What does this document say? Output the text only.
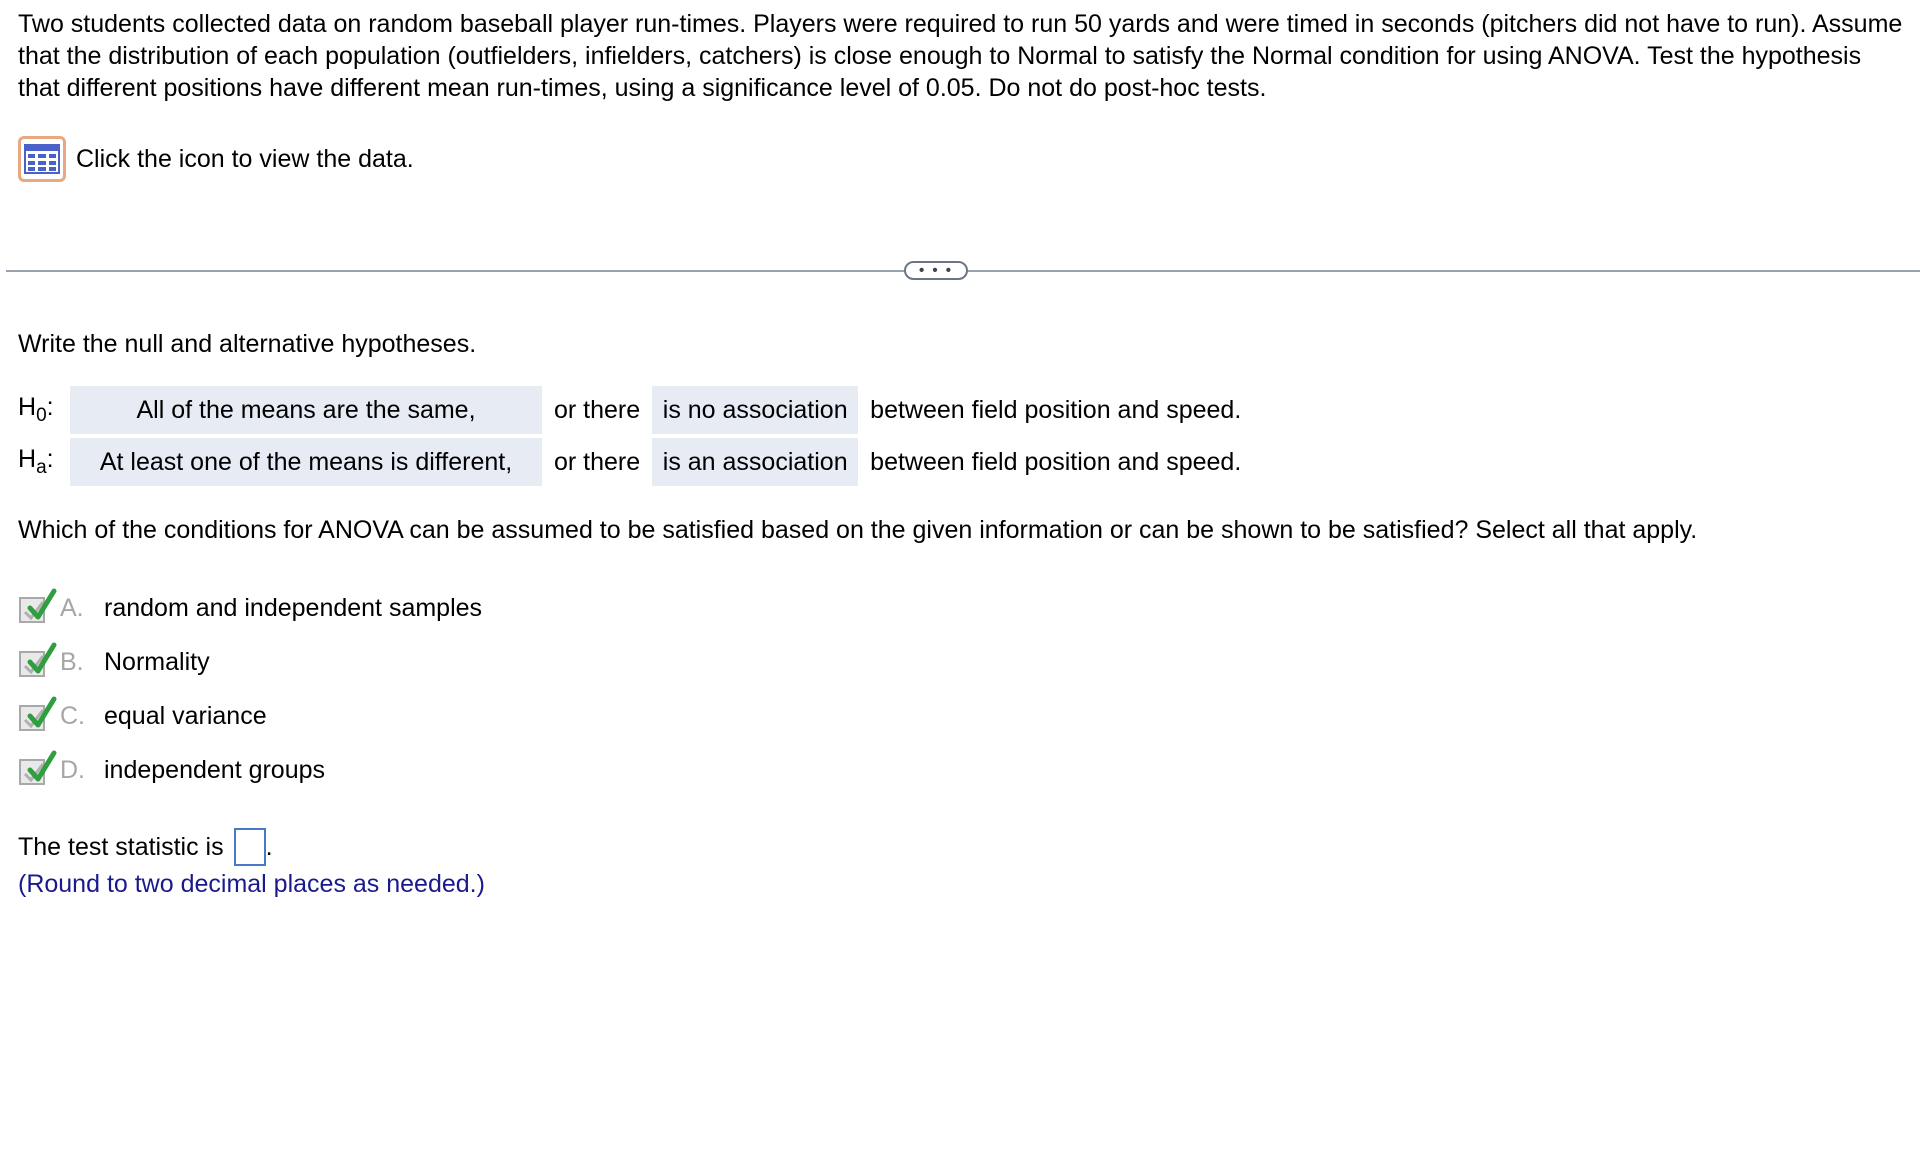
Two students collected data on random baseball player run-times. Players were required to run 50 yards and were timed in seconds (pitchers did not have to run). Assume that the distribution of each population (outfielders, infielders, catchers) is close enough to Normal to satisfy the Normal condition for using ANOVA. Test the hypothesis that different positions have different mean run-times, using a significance level of 0.05. Do not do post-hoc tests.

Click the icon to view the data.
• • •
Write the null and alternative hypotheses.
$H_0$:	All of the means are the same,	or there is no association between field position and speed.
$H_a$:	At least one of the means is different,	or there is an association between field position and speed.
Which of the conditions for ANOVA can be assumed to be satisfied based on the given information or can be shown to be satisfied? Select all that apply.
A. random and independent samples
B. Normality
C. equal variance
D. independent groups
The test statistic is .
(Round to two decimal places as needed.)
